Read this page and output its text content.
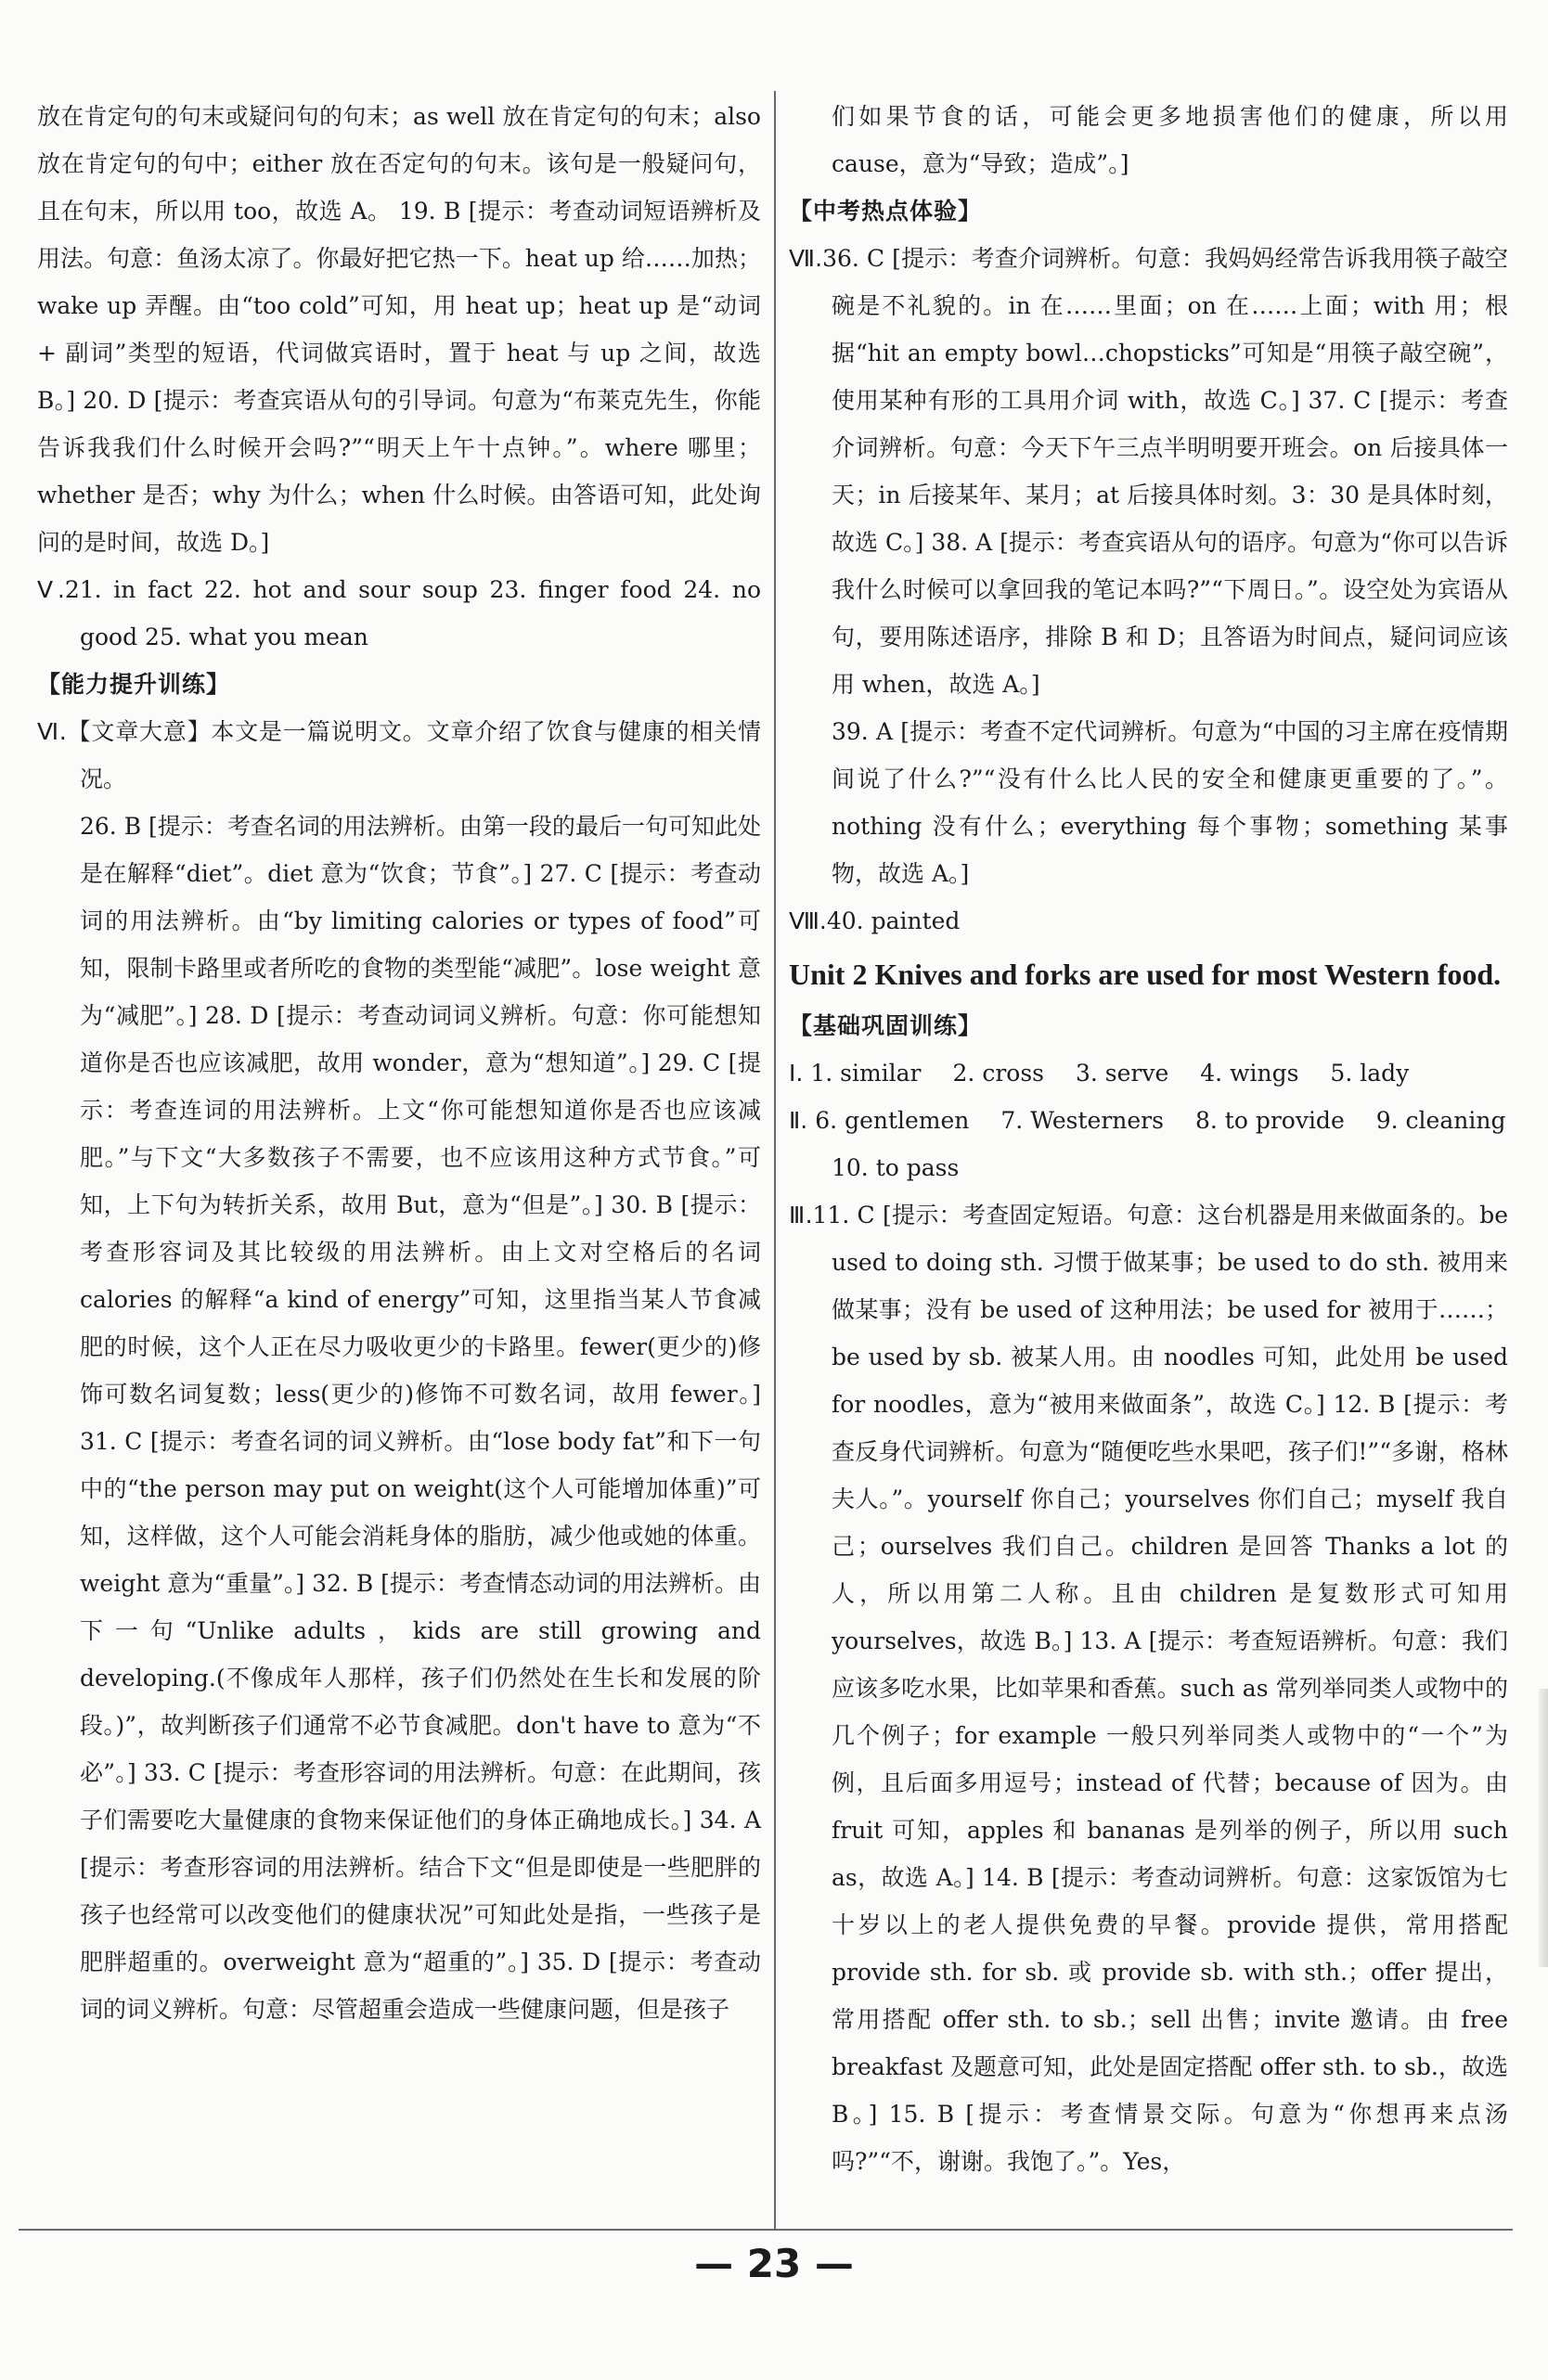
放在肯定句的句末或疑问句的句末；as well 放在肯定句的句末；also 放在肯定句的句中；either 放在否定句的句末。该句是一般疑问句，且在句末，所以用 too，故选 A。 19. B [提示：考查动词短语辨析及用法。句意：鱼汤太凉了。你最好把它热一下。heat up 给……加热；wake up 弄醒。由“too cold”可知，用 heat up；heat up 是“动词 + 副词”类型的短语，代词做宾语时，置于 heat 与 up 之间，故选 B。] 20. D [提示：考查宾语从句的引导词。句意为“布莱克先生，你能告诉我我们什么时候开会吗?”“明天上午十点钟。”。where 哪里；whether 是否；why 为什么；when 什么时候。由答语可知，此处询问的是时间，故选 D。]

Ⅴ.21. in fact 22. hot and sour soup 23. finger food 24. no good 25. what you mean

【能力提升训练】

Ⅵ.【文章大意】本文是一篇说明文。文章介绍了饮食与健康的相关情况。

26. B [提示：考查名词的用法辨析。由第一段的最后一句可知此处是在解释“diet”。diet 意为“饮食；节食”。] 27. C [提示：考查动词的用法辨析。由“by limiting calories or types of food”可知，限制卡路里或者所吃的食物的类型能“减肥”。lose weight 意为“减肥”。] 28. D [提示：考查动词词义辨析。句意：你可能想知道你是否也应该减肥，故用 wonder，意为“想知道”。] 29. C [提示：考查连词的用法辨析。上文“你可能想知道你是否也应该减肥。”与下文“大多数孩子不需要，也不应该用这种方式节食。”可知，上下句为转折关系，故用 But，意为“但是”。] 30. B [提示：考查形容词及其比较级的用法辨析。由上文对空格后的名词 calories 的解释“a kind of energy”可知，这里指当某人节食减肥的时候，这个人正在尽力吸收更少的卡路里。fewer(更少的)修饰可数名词复数；less(更少的)修饰不可数名词，故用 fewer。] 31. C [提示：考查名词的词义辨析。由“lose body fat”和下一句中的“the person may put on weight(这个人可能增加体重)”可知，这样做，这个人可能会消耗身体的脂肪，减少他或她的体重。weight 意为“重量”。] 32. B [提示：考查情态动词的用法辨析。由下一句“Unlike adults，kids are still growing and developing.(不像成年人那样，孩子们仍然处在生长和发展的阶段。)”，故判断孩子们通常不必节食减肥。don't have to 意为“不必”。] 33. C [提示：考查形容词的用法辨析。句意：在此期间，孩子们需要吃大量健康的食物来保证他们的身体正确地成长。] 34. A [提示：考查形容词的用法辨析。结合下文“但是即使是一些肥胖的孩子也经常可以改变他们的健康状况”可知此处是指，一些孩子是肥胖超重的。overweight 意为“超重的”。] 35. D [提示：考查动词的词义辨析。句意：尽管超重会造成一些健康问题，但是孩子

们如果节食的话，可能会更多地损害他们的健康，所以用 cause，意为“导致；造成”。]

【中考热点体验】

Ⅶ.36. C [提示：考查介词辨析。句意：我妈妈经常告诉我用筷子敲空碗是不礼貌的。in 在……里面；on 在……上面；with 用；根据“hit an empty bowl…chopsticks”可知是“用筷子敲空碗”，使用某种有形的工具用介词 with，故选 C。] 37. C [提示：考查介词辨析。句意：今天下午三点半明明要开班会。on 后接具体一天；in 后接某年、某月；at 后接具体时刻。3：30 是具体时刻，故选 C。] 38. A [提示：考查宾语从句的语序。句意为“你可以告诉我什么时候可以拿回我的笔记本吗?”“下周日。”。设空处为宾语从句，要用陈述语序，排除 B 和 D；且答语为时间点，疑问词应该用 when，故选 A。]

39. A [提示：考查不定代词辨析。句意为“中国的习主席在疫情期间说了什么?”“没有什么比人民的安全和健康更重要的了。”。nothing 没有什么；everything 每个事物；something 某事物，故选 A。]

Ⅷ.40. painted

Unit 2 Knives and forks are used for most Western food.

【基础巩固训练】

Ⅰ. 1. similar 2. cross 3. serve 4. wings 5. lady
Ⅱ. 6. gentlemen 7. Westerners 8. to provide 9. cleaning
10. to pass

Ⅲ.11. C [提示：考查固定短语。句意：这台机器是用来做面条的。be used to doing sth. 习惯于做某事；be used to do sth. 被用来做某事；没有 be used of 这种用法；be used for 被用于……；be used by sb. 被某人用。由 noodles 可知，此处用 be used for noodles，意为“被用来做面条”，故选 C。] 12. B [提示：考查反身代词辨析。句意为“随便吃些水果吧，孩子们!”“多谢，格林夫人。”。yourself 你自己；yourselves 你们自己；myself 我自己；ourselves 我们自己。children 是回答 Thanks a lot 的人，所以用第二人称。且由 children 是复数形式可知用 yourselves，故选 B。] 13. A [提示：考查短语辨析。句意：我们应该多吃水果，比如苹果和香蕉。such as 常列举同类人或物中的几个例子；for example 一般只列举同类人或物中的“一个”为例，且后面多用逗号；instead of 代替；because of 因为。由 fruit 可知，apples 和 bananas 是列举的例子，所以用 such as，故选 A。] 14. B [提示：考查动词辨析。句意：这家饭馆为七十岁以上的老人提供免费的早餐。provide 提供，常用搭配 provide sth. for sb. 或 provide sb. with sth.；offer 提出，常用搭配 offer sth. to sb.；sell 出售；invite 邀请。由 free breakfast 及题意可知，此处是固定搭配 offer sth. to sb.，故选 B。] 15. B [提示：考查情景交际。句意为“你想再来点汤吗?”“不，谢谢。我饱了。”。Yes，

— 23 —
